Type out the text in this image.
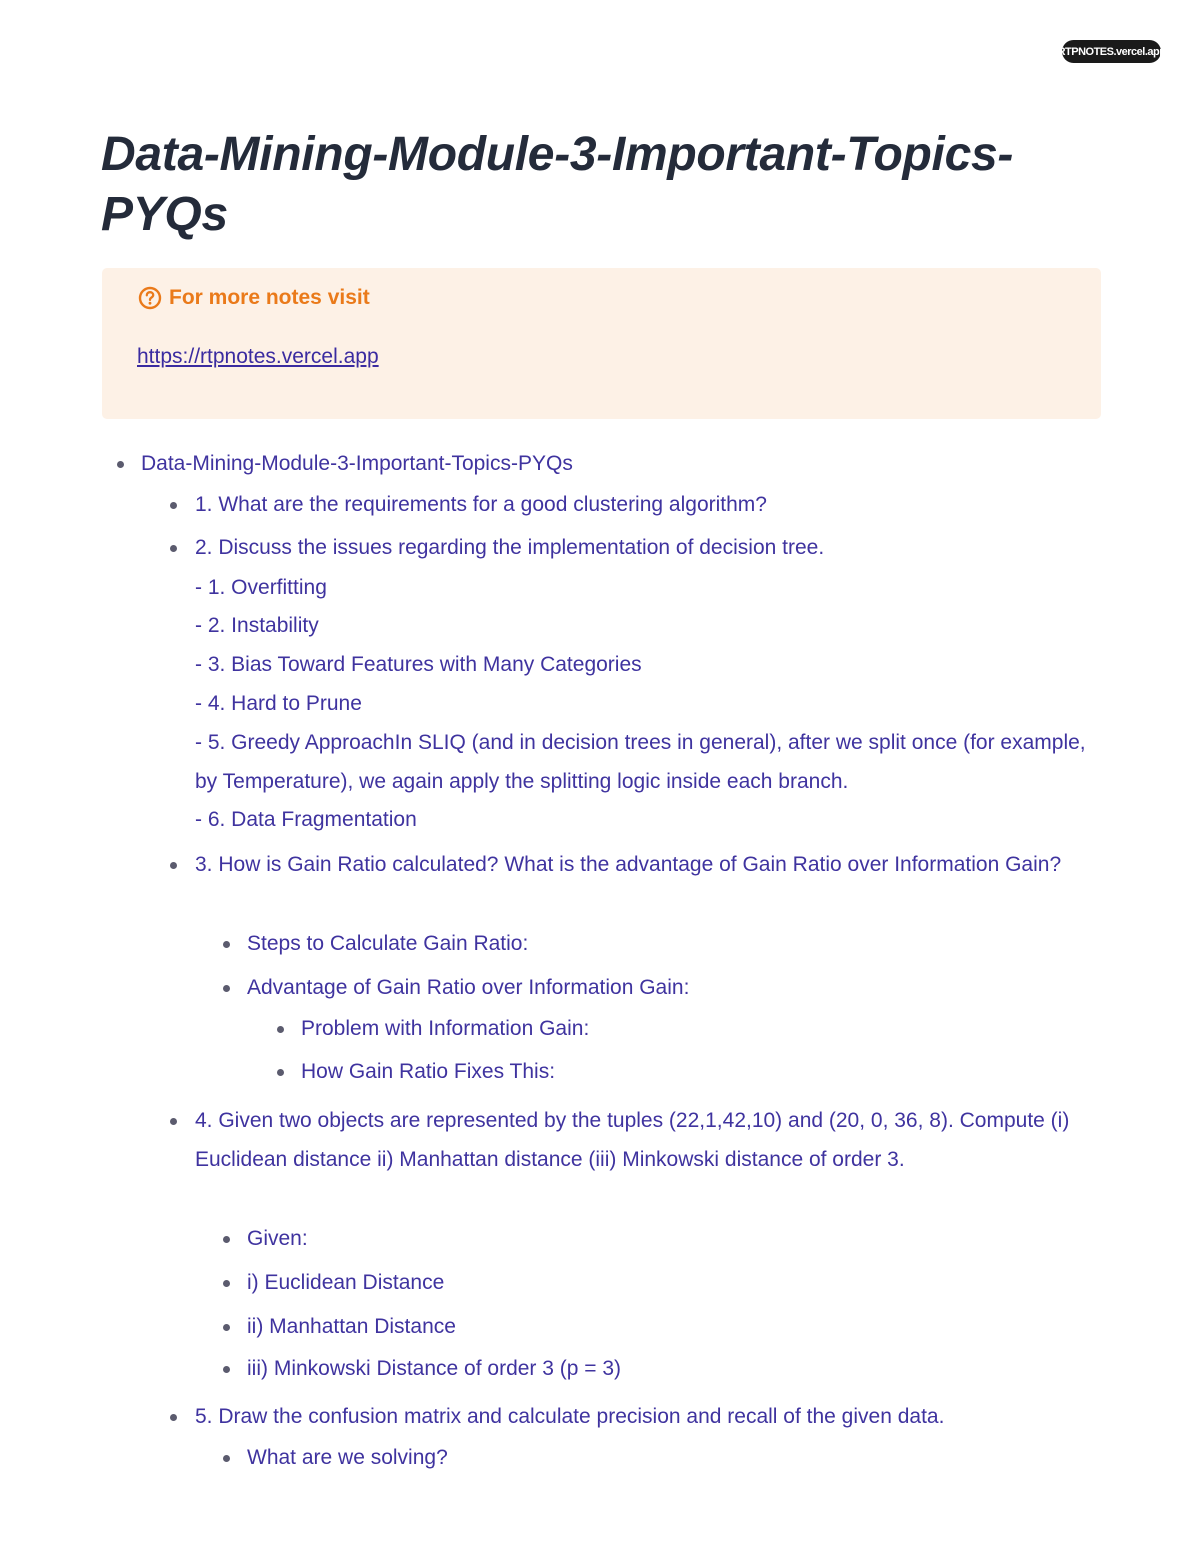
RTPNOTES.vercel.app
Data-Mining-Module-3-Important-Topics-PYQs
For more notes visit
https://rtpnotes.vercel.app
Data-Mining-Module-3-Important-Topics-PYQs
1. What are the requirements for a good clustering algorithm?
2. Discuss the issues regarding the implementation of decision tree.
- 1. Overfitting
- 2. Instability
- 3. Bias Toward Features with Many Categories
- 4. Hard to Prune
- 5. Greedy ApproachIn SLIQ (and in decision trees in general), after we split once (for example, by Temperature), we again apply the splitting logic inside each branch.
- 6. Data Fragmentation
3. How is Gain Ratio calculated? What is the advantage of Gain Ratio over Information Gain?
Steps to Calculate Gain Ratio:
Advantage of Gain Ratio over Information Gain:
Problem with Information Gain:
How Gain Ratio Fixes This:
4. Given two objects are represented by the tuples (22,1,42,10) and (20, 0, 36, 8). Compute (i) Euclidean distance ii) Manhattan distance (iii) Minkowski distance of order 3.
Given:
i) Euclidean Distance
ii) Manhattan Distance
iii) Minkowski Distance of order 3 (p = 3)
5. Draw the confusion matrix and calculate precision and recall of the given data.
What are we solving?
